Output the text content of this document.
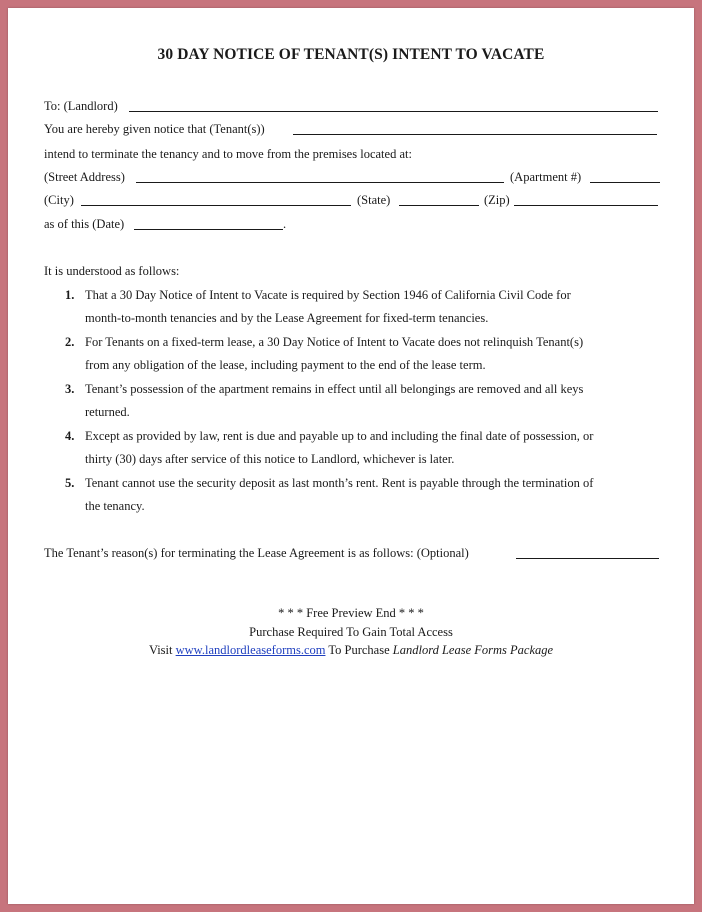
30 DAY NOTICE OF TENANT(S) INTENT TO VACATE
To: (Landlord)
You are hereby given notice that (Tenant(s))
intend to terminate the tenancy and to move from the premises located at:
(Street Address)	(Apartment #)
(City)	(State)	(Zip)
as of this (Date)	.
It is understood as follows:
1. That a 30 Day Notice of Intent to Vacate is required by Section 1946 of California Civil Code for
month-to-month tenancies and by the Lease Agreement for fixed-term tenancies.
2. For Tenants on a fixed-term lease, a 30 Day Notice of Intent to Vacate does not relinquish Tenant(s)
from any obligation of the lease, including payment to the end of the lease term.
3. Tenant’s possession of the apartment remains in effect until all belongings are removed and all keys
returned.
4. Except as provided by law, rent is due and payable up to and including the final date of possession, or
thirty (30) days after service of this notice to Landlord, whichever is later.
5. Tenant cannot use the security deposit as last month’s rent. Rent is payable through the termination of
the tenancy.
The Tenant’s reason(s) for terminating the Lease Agreement is as follows: (Optional)
* * * Free Preview End * * *
Purchase Required To Gain Total Access
Visit www.landlordleaseforms.com To Purchase Landlord Lease Forms Package
